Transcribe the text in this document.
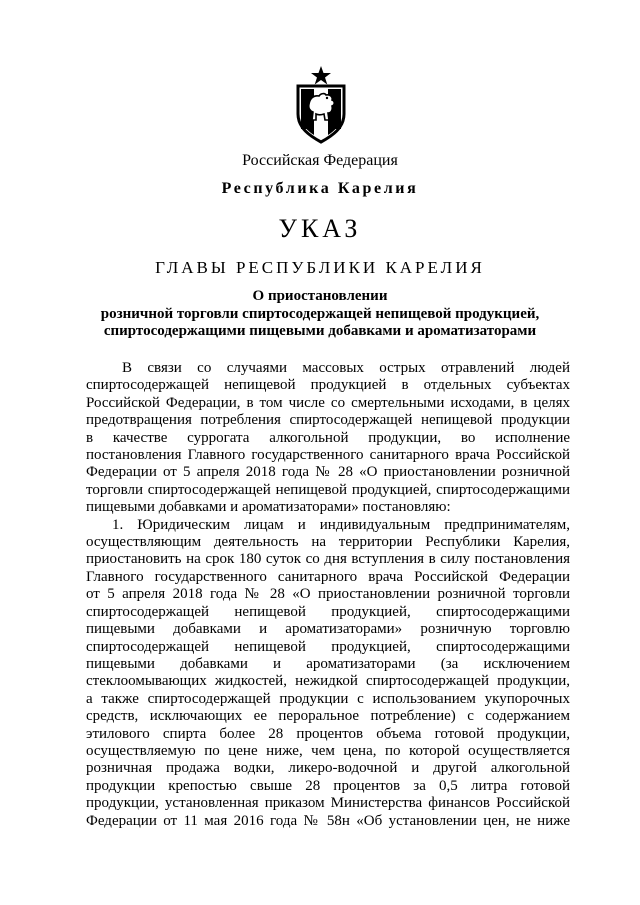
Российская Федерация
Республика Карелия
УКАЗ
ГЛАВЫ РЕСПУБЛИКИ КАРЕЛИЯ
О приостановлении
розничной торговли спиртосодержащей непищевой продукцией,
спиртосодержащими пищевыми добавками и ароматизаторами
В связи со случаями массовых острых отравлений людей
спиртосодержащей непищевой продукцией в отдельных субъектах
Российской Федерации, в том числе со смертельными исходами, в целях
предотвращения потребления спиртосодержащей непищевой продукции
в качестве суррогата алкогольной продукции, во исполнение
постановления Главного государственного санитарного врача Российской
Федерации от 5 апреля 2018 года № 28 «О приостановлении розничной
торговли спиртосодержащей непищевой продукцией, спиртосодержащими
пищевыми добавками и ароматизаторами» постановляю:
1. Юридическим лицам и индивидуальным предпринимателям,
осуществляющим деятельность на территории Республики Карелия,
приостановить на срок 180 суток со дня вступления в силу постановления
Главного государственного санитарного врача Российской Федерации
от 5 апреля 2018 года № 28 «О приостановлении розничной торговли
спиртосодержащей непищевой продукцией, спиртосодержащими
пищевыми добавками и ароматизаторами» розничную торговлю
спиртосодержащей непищевой продукцией, спиртосодержащими
пищевыми добавками и ароматизаторами (за исключением
стеклоомывающих жидкостей, нежидкой спиртосодержащей продукции,
а также спиртосодержащей продукции с использованием укупорочных
средств, исключающих ее пероральное потребление) с содержанием
этилового спирта более 28 процентов объема готовой продукции,
осуществляемую по цене ниже, чем цена, по которой осуществляется
розничная продажа водки, ликеро-водочной и другой алкогольной
продукции крепостью свыше 28 процентов за 0,5 литра готовой
продукции, установленная приказом Министерства финансов Российской
Федерации от 11 мая 2016 года № 58н «Об установлении цен, не ниже
